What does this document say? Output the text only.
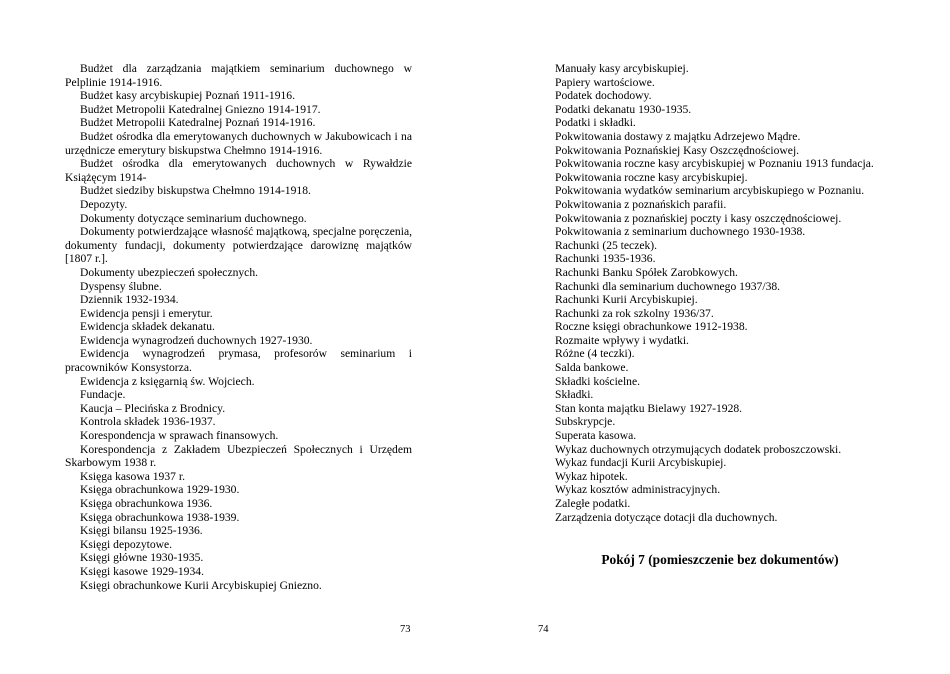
Budżet dla zarządzania majątkiem seminarium duchownego w Pelplinie 1914-1916.

Budżet kasy arcybiskupiej Poznań 1911-1916.

Budżet Metropolii Katedralnej Gniezno 1914-1917.

Budżet Metropolii Katedralnej Poznań 1914-1916.

Budżet ośrodka dla emerytowanych duchownych w Jakubowicach i na urzędnicze emerytury biskupstwa Chełmno 1914-1916.

Budżet ośrodka dla emerytowanych duchownych w Rywałdzie Książęcym 1914-

Budżet siedziby biskupstwa Chełmno 1914-1918.

Depozyty.

Dokumenty dotyczące seminarium duchownego.

Dokumenty potwierdzające własność majątkową, specjalne poręczenia, dokumenty fundacji, dokumenty potwierdzające darowiznę majątków [1807 r.].

Dokumenty ubezpieczeń społecznych.

Dyspensy ślubne.

Dziennik 1932-1934.

Ewidencja pensji i emerytur.

Ewidencja składek dekanatu.

Ewidencja wynagrodzeń duchownych 1927-1930.

Ewidencja wynagrodzeń prymasa, profesorów seminarium i pracowników Konsystorza.

Ewidencja z księgarnią św. Wojciech.

Fundacje.

Kaucja – Plecińska z Brodnicy.

Kontrola składek 1936-1937.

Korespondencja w sprawach finansowych.

Korespondencja z Zakładem Ubezpieczeń Społecznych i Urzędem Skarbowym 1938 r.

Księga kasowa 1937 r.

Księga obrachunkowa 1929-1930.

Księga obrachunkowa 1936.

Księga obrachunkowa 1938-1939.

Księgi bilansu 1925-1936.

Księgi depozytowe.

Księgi główne 1930-1935.

Księgi kasowe 1929-1934.

Księgi obrachunkowe Kurii Arcybiskupiej Gniezno.

73

Manuały kasy arcybiskupiej.

Papiery wartościowe.

Podatek dochodowy.

Podatki dekanatu 1930-1935.

Podatki i składki.

Pokwitowania dostawy z majątku Adrzejewo Mądre.

Pokwitowania Poznańskiej Kasy Oszczędnościowej.

Pokwitowania roczne kasy arcybiskupiej w Poznaniu 1913 fundacja.

Pokwitowania roczne kasy arcybiskupiej.

Pokwitowania wydatków seminarium arcybiskupiego w Poznaniu.

Pokwitowania z poznańskich parafii.

Pokwitowania z poznańskiej poczty i kasy oszczędnościowej.

Pokwitowania z seminarium duchownego 1930-1938.

Rachunki (25 teczek).

Rachunki 1935-1936.

Rachunki Banku Spółek Zarobkowych.

Rachunki dla seminarium duchownego 1937/38.

Rachunki Kurii Arcybiskupiej.

Rachunki za rok szkolny 1936/37.

Roczne księgi obrachunkowe 1912-1938.

Rozmaite wpływy i wydatki.

Różne (4 teczki).

Salda bankowe.

Składki kościelne.

Składki.

Stan konta majątku Bielawy 1927-1928.

Subskrypcje.

Superata kasowa.

Wykaz duchownych otrzymujących dodatek proboszczowski.

Wykaz fundacji Kurii Arcybiskupiej.

Wykaz hipotek.

Wykaz kosztów administracyjnych.

Zaległe podatki.

Zarządzenia dotyczące dotacji dla duchownych.

Pokój 7 (pomieszczenie bez dokumentów)
74
